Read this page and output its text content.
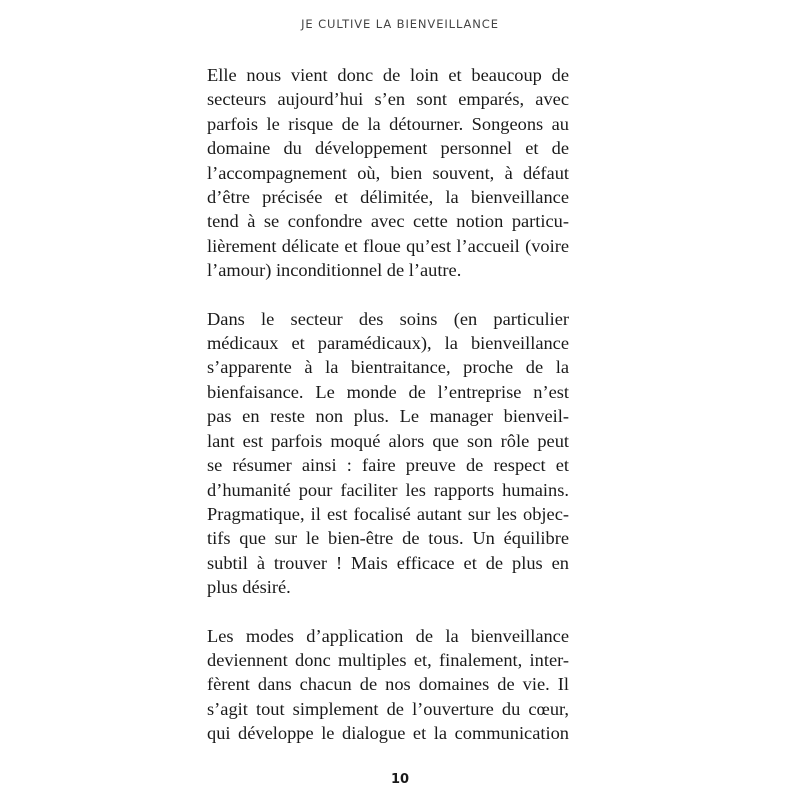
JE CULTIVE LA BIENVEILLANCE

Elle nous vient donc de loin et beaucoup de
secteurs aujourd’hui s’en sont emparés, avec
parfois le risque de la détourner. Songeons au
domaine du développement personnel et de
l’accompagnement où, bien souvent, à défaut
d’être précisée et délimitée, la bienveillance
tend à se confondre avec cette notion particu-
lièrement délicate et floue qu’est l’accueil (voire
l’amour) inconditionnel de l’autre.

Dans le secteur des soins (en particulier
médicaux et paramédicaux), la bienveillance
s’apparente à la bientraitance, proche de la
bienfaisance. Le monde de l’entreprise n’est
pas en reste non plus. Le manager bienveil-
lant est parfois moqué alors que son rôle peut
se résumer ainsi : faire preuve de respect et
d’humanité pour faciliter les rapports humains.
Pragmatique, il est focalisé autant sur les objec-
tifs que sur le bien-être de tous. Un équilibre
subtil à trouver ! Mais efficace et de plus en
plus désiré.

Les modes d’application de la bienveillance
deviennent donc multiples et, finalement, inter-
fèrent dans chacun de nos domaines de vie. Il
s’agit tout simplement de l’ouverture du cœur,
qui développe le dialogue et la communication

10
